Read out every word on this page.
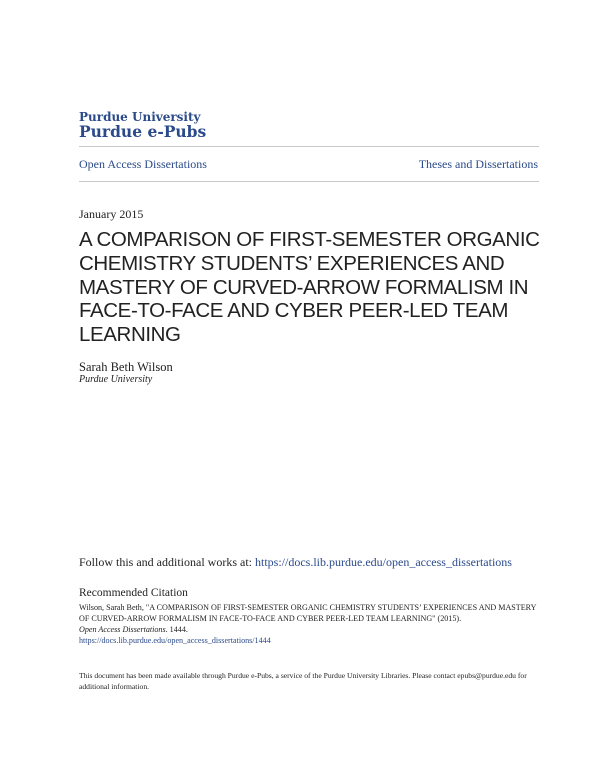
Purdue University
Purdue e-Pubs
Open Access Dissertations	Theses and Dissertations
January 2015
A COMPARISON OF FIRST-SEMESTER ORGANIC CHEMISTRY STUDENTS’ EXPERIENCES AND MASTERY OF CURVED-ARROW FORMALISM IN FACE-TO-FACE AND CYBER PEER-LED TEAM LEARNING
Sarah Beth Wilson
Purdue University
Follow this and additional works at: https://docs.lib.purdue.edu/open_access_dissertations
Recommended Citation
Wilson, Sarah Beth, "A COMPARISON OF FIRST-SEMESTER ORGANIC CHEMISTRY STUDENTS’ EXPERIENCES AND MASTERY OF CURVED-ARROW FORMALISM IN FACE-TO-FACE AND CYBER PEER-LED TEAM LEARNING" (2015).
Open Access Dissertations. 1444.
https://docs.lib.purdue.edu/open_access_dissertations/1444
This document has been made available through Purdue e-Pubs, a service of the Purdue University Libraries. Please contact epubs@purdue.edu for additional information.
